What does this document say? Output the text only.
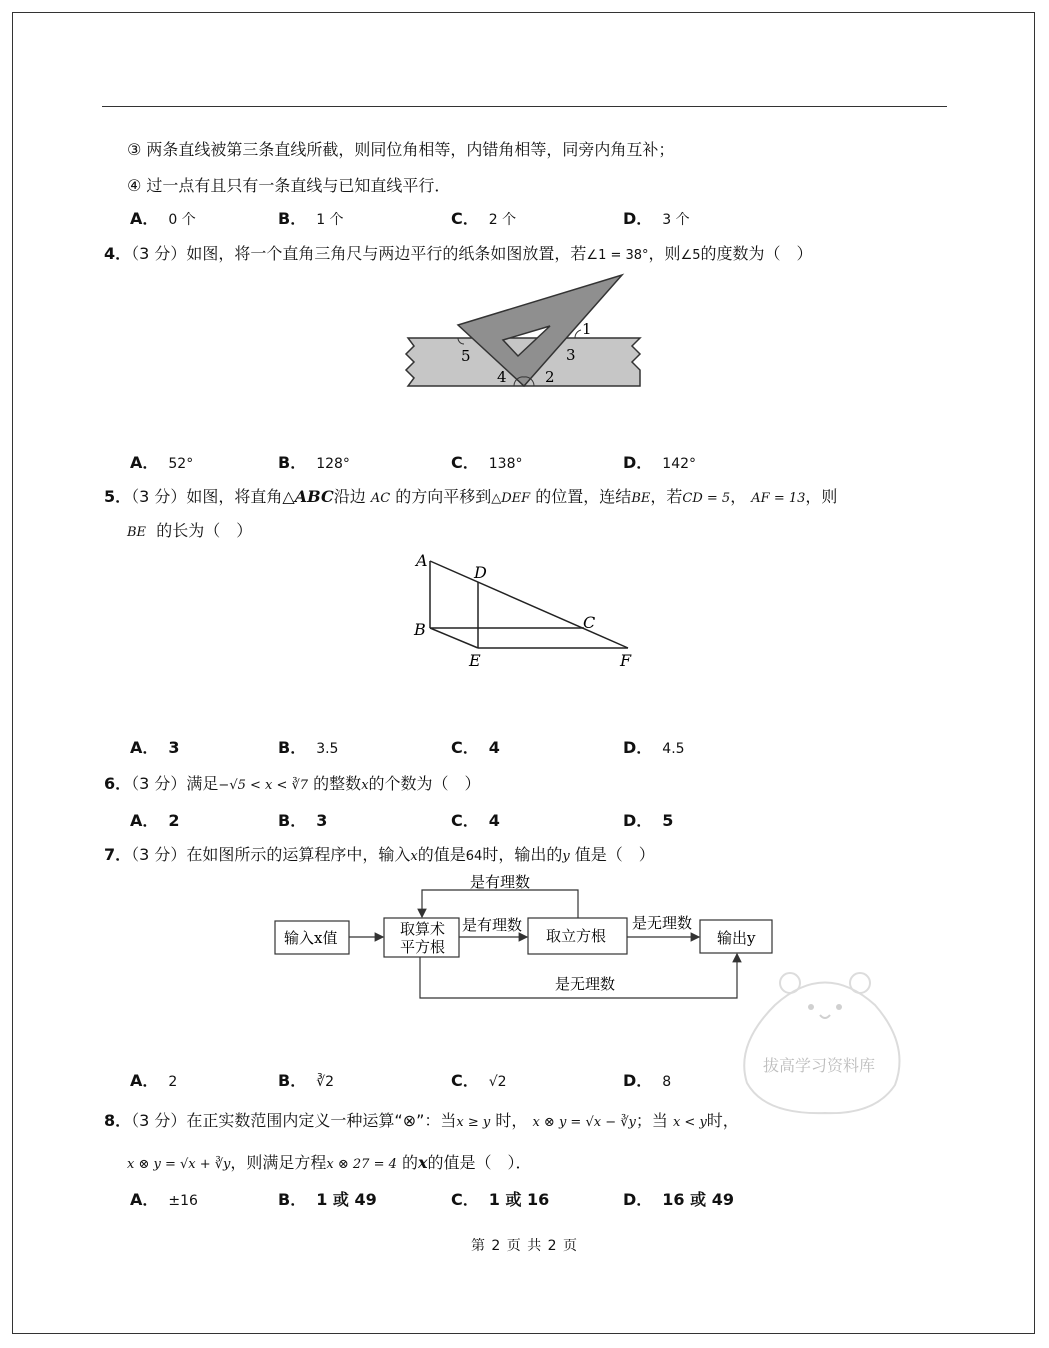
③ 两条直线被第三条直线所截，则同位角相等，内错角相等，同旁内角互补；
④ 过一点有且只有一条直线与已知直线平行．
A． 0 个	B． 1 个	C． 2 个	D． 3 个
4．（3 分）如图，将一个直角三角尺与两边平行的纸条如图放置，若∠1 = 38°，则∠5的度数为（　）
1
2
3
4
5
A． 52°	B． 128°	C． 138°	D． 142°
5．（3 分）如图，将直角△ABC沿边 AC 的方向平移到△DEF 的位置，连结BE，若CD = 5， AF = 13，则
BE 的长为（　）
A
D
C
B
E	F
A． 3	B． 3.5	C． 4	D． 4.5
6．（3 分）满足−√5 < x < ∛7 的整数x的个数为（　）
A． 2	B． 3	C． 4	D． 5
7．（3 分）在如图所示的运算程序中，输入x的值是64时，输出的y 值是（　）
输入x值	取算术
平方根
是有理数
取立方根
是有理数
是无理数
输出y
是无理数
A． 2	B． ∛2	C． √2	D． 8
拔高学习资料库
8．（3 分）在正实数范围内定义一种运算“⊗”：当x ≥ y 时， x ⊗ y = √x − ∛y；当 x < y时，
x ⊗ y = √x + ∛y，则满足方程x ⊗ 27 = 4 的x的值是（　）．
A． ±16	B． 1 或 49	C． 1 或 16	D． 16 或 49
第 2 页 共 2 页
